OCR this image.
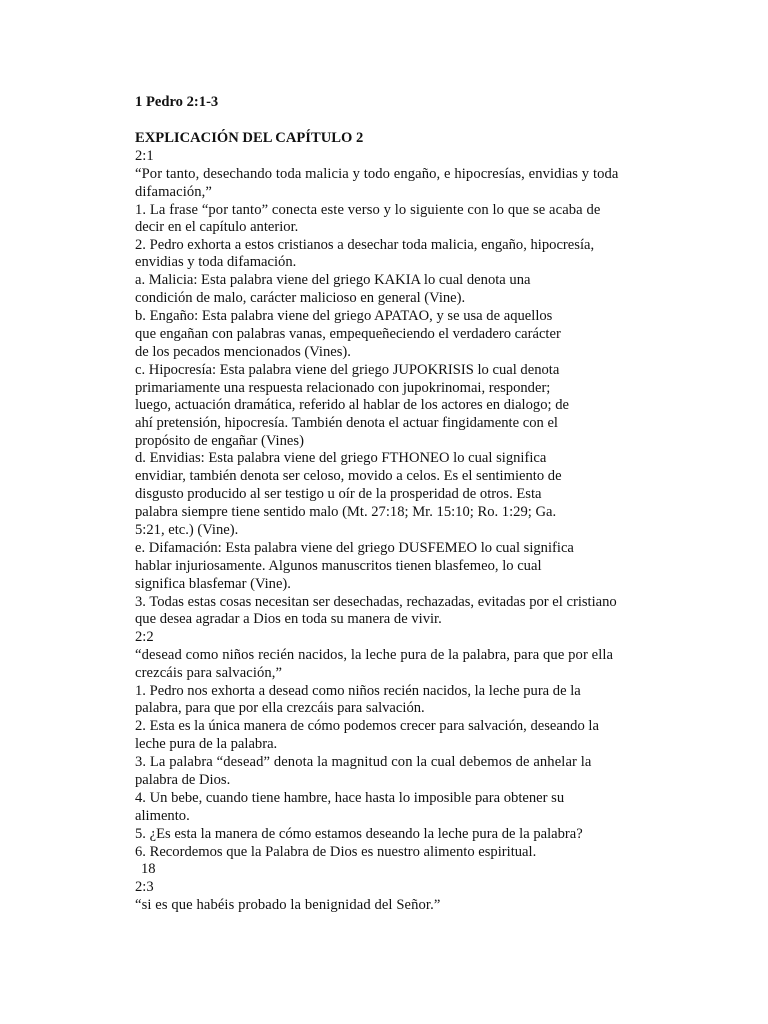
1 Pedro 2:1-3
EXPLICACIÓN DEL CAPÍTULO 2
2:1
“Por tanto, desechando toda malicia y todo engaño, e hipocresías, envidias y toda
difamación,”
1. La frase “por tanto” conecta este verso y lo siguiente con lo que se acaba de
decir en el capítulo anterior.
2. Pedro exhorta a estos cristianos a desechar toda malicia, engaño, hipocresía,
envidias y toda difamación.
a. Malicia: Esta palabra viene del griego KAKIA lo cual denota una
condición de malo, carácter malicioso en general (Vine).
b. Engaño: Esta palabra viene del griego APATAO, y se usa de aquellos
que engañan con palabras vanas, empequeñeciendo el verdadero carácter
de los pecados mencionados (Vines).
c. Hipocresía: Esta palabra viene del griego JUPOKRISIS lo cual denota
primariamente una respuesta relacionado con jupokrinomai, responder;
luego, actuación dramática, referido al hablar de los actores en dialogo; de
ahí pretensión, hipocresía. También denota el actuar fingidamente con el
propósito de engañar (Vines)
d. Envidias: Esta palabra viene del griego FTHONEO lo cual significa
envidiar, también denota ser celoso, movido a celos. Es el sentimiento de
disgusto producido al ser testigo u oír de la prosperidad de otros. Esta
palabra siempre tiene sentido malo (Mt. 27:18; Mr. 15:10; Ro. 1:29; Ga.
5:21, etc.) (Vine).
e. Difamación: Esta palabra viene del griego DUSFEMEO lo cual significa
hablar injuriosamente. Algunos manuscritos tienen blasfemeo, lo cual
significa blasfemar (Vine).
3. Todas estas cosas necesitan ser desechadas, rechazadas, evitadas por el cristiano
que desea agradar a Dios en toda su manera de vivir.
2:2
“desead como niños recién nacidos, la leche pura de la palabra, para que por ella
crezcáis para salvación,”
1. Pedro nos exhorta a desead como niños recién nacidos, la leche pura de la
palabra, para que por ella crezcáis para salvación.
2. Esta es la única manera de cómo podemos crecer para salvación, deseando la
leche pura de la palabra.
3. La palabra “desead” denota la magnitud con la cual debemos de anhelar la
palabra de Dios.
4. Un bebe, cuando tiene hambre, hace hasta lo imposible para obtener su
alimento.
5. ¿Es esta la manera de cómo estamos deseando la leche pura de la palabra?
6. Recordemos que la Palabra de Dios es nuestro alimento espiritual.
18
2:3
“si es que habéis probado la benignidad del Señor.”
